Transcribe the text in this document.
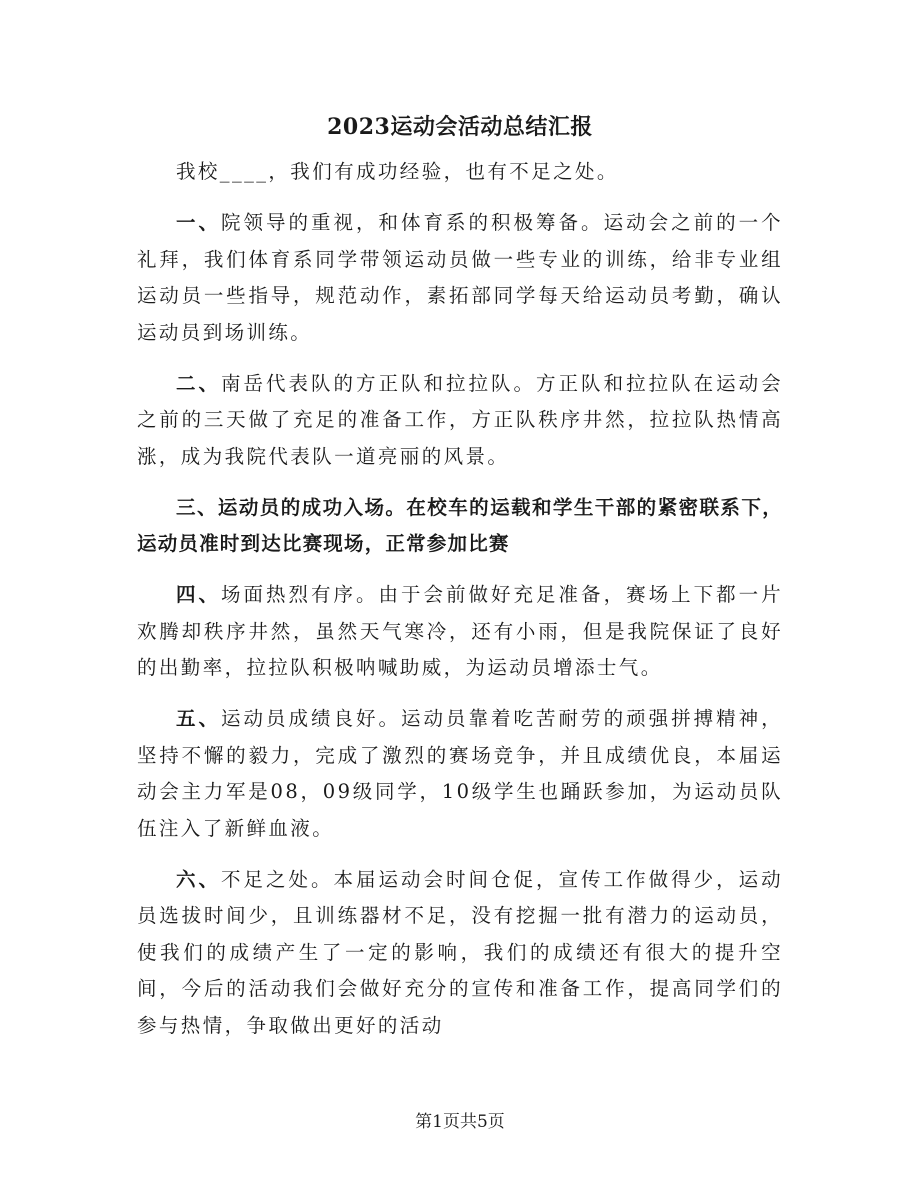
2023运动会活动总结汇报

我校____，我们有成功经验，也有不足之处。

一、院领导的重视，和体育系的积极筹备。运动会之前的一个礼拜，我们体育系同学带领运动员做一些专业的训练，给非专业组运动员一些指导，规范动作，素拓部同学每天给运动员考勤，确认运动员到场训练。

二、南岳代表队的方正队和拉拉队。方正队和拉拉队在运动会之前的三天做了充足的准备工作，方正队秩序井然，拉拉队热情高涨，成为我院代表队一道亮丽的风景。

三、运动员的成功入场。在校车的运载和学生干部的紧密联系下，运动员准时到达比赛现场，正常参加比赛

四、场面热烈有序。由于会前做好充足准备，赛场上下都一片欢腾却秩序井然，虽然天气寒冷，还有小雨，但是我院保证了良好的出勤率，拉拉队积极呐喊助威，为运动员增添士气。

五、运动员成绩良好。运动员靠着吃苦耐劳的顽强拼搏精神，坚持不懈的毅力，完成了激烈的赛场竞争，并且成绩优良，本届运动会主力军是08，09级同学，10级学生也踊跃参加，为运动员队伍注入了新鲜血液。

六、不足之处。本届运动会时间仓促，宣传工作做得少，运动员选拔时间少，且训练器材不足，没有挖掘一批有潜力的运动员，使我们的成绩产生了一定的影响，我们的成绩还有很大的提升空间，今后的活动我们会做好充分的宣传和准备工作，提高同学们的参与热情，争取做出更好的活动

第1页共5页
